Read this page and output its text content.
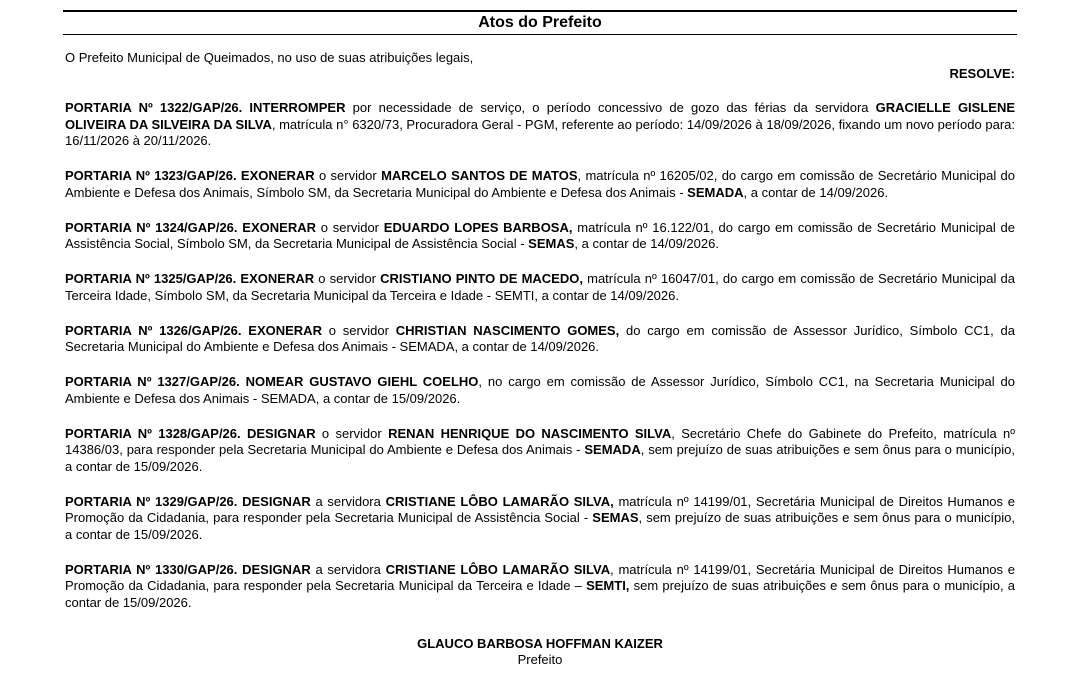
Atos do Prefeito
O Prefeito Municipal de Queimados, no uso de suas atribuições legais,
RESOLVE:

PORTARIA Nº 1322/GAP/26. INTERROMPER por necessidade de serviço, o período concessivo de gozo das férias da servidora GRACIELLE GISLENE OLIVEIRA DA SILVEIRA DA SILVA, matrícula n° 6320/73, Procuradora Geral - PGM, referente ao período: 14/09/2026 à 18/09/2026, fixando um novo período para: 16/11/2026 à 20/11/2026.

PORTARIA Nº 1323/GAP/26. EXONERAR o servidor MARCELO SANTOS DE MATOS, matrícula nº 16205/02, do cargo em comissão de Secretário Municipal do Ambiente e Defesa dos Animais, Símbolo SM, da Secretaria Municipal do Ambiente e Defesa dos Animais - SEMADA, a contar de 14/09/2026.

PORTARIA Nº 1324/GAP/26. EXONERAR o servidor EDUARDO LOPES BARBOSA, matrícula nº 16.122/01, do cargo em comissão de Secretário Municipal de Assistência Social, Símbolo SM, da Secretaria Municipal de Assistência Social - SEMAS, a contar de 14/09/2026.

PORTARIA Nº 1325/GAP/26. EXONERAR o servidor CRISTIANO PINTO DE MACEDO, matrícula nº 16047/01, do cargo em comissão de Secretário Municipal da Terceira Idade, Símbolo SM, da Secretaria Municipal da Terceira e Idade - SEMTI, a contar de 14/09/2026.

PORTARIA Nº 1326/GAP/26. EXONERAR o servidor CHRISTIAN NASCIMENTO GOMES, do cargo em comissão de Assessor Jurídico, Símbolo CC1, da Secretaria Municipal do Ambiente e Defesa dos Animais - SEMADA, a contar de 14/09/2026.

PORTARIA Nº 1327/GAP/26. NOMEAR GUSTAVO GIEHL COELHO, no cargo em comissão de Assessor Jurídico, Símbolo CC1, na Secretaria Municipal do Ambiente e Defesa dos Animais - SEMADA, a contar de 15/09/2026.

PORTARIA Nº 1328/GAP/26. DESIGNAR o servidor RENAN HENRIQUE DO NASCIMENTO SILVA, Secretário Chefe do Gabinete do Prefeito, matrícula nº 14386/03, para responder pela Secretaria Municipal do Ambiente e Defesa dos Animais - SEMADA, sem prejuízo de suas atribuições e sem ônus para o município, a contar de 15/09/2026.

PORTARIA Nº 1329/GAP/26. DESIGNAR a servidora CRISTIANE LÔBO LAMARÃO SILVA, matrícula nº 14199/01, Secretária Municipal de Direitos Humanos e Promoção da Cidadania, para responder pela Secretaria Municipal de Assistência Social - SEMAS, sem prejuízo de suas atribuições e sem ônus para o município, a contar de 15/09/2026.

PORTARIA Nº 1330/GAP/26. DESIGNAR a servidora CRISTIANE LÔBO LAMARÃO SILVA, matrícula nº 14199/01, Secretária Municipal de Direitos Humanos e Promoção da Cidadania, para responder pela Secretaria Municipal da Terceira e Idade – SEMTI, sem prejuízo de suas atribuições e sem ônus para o município, a contar de 15/09/2026.

GLAUCO BARBOSA HOFFMAN KAIZER
Prefeito
